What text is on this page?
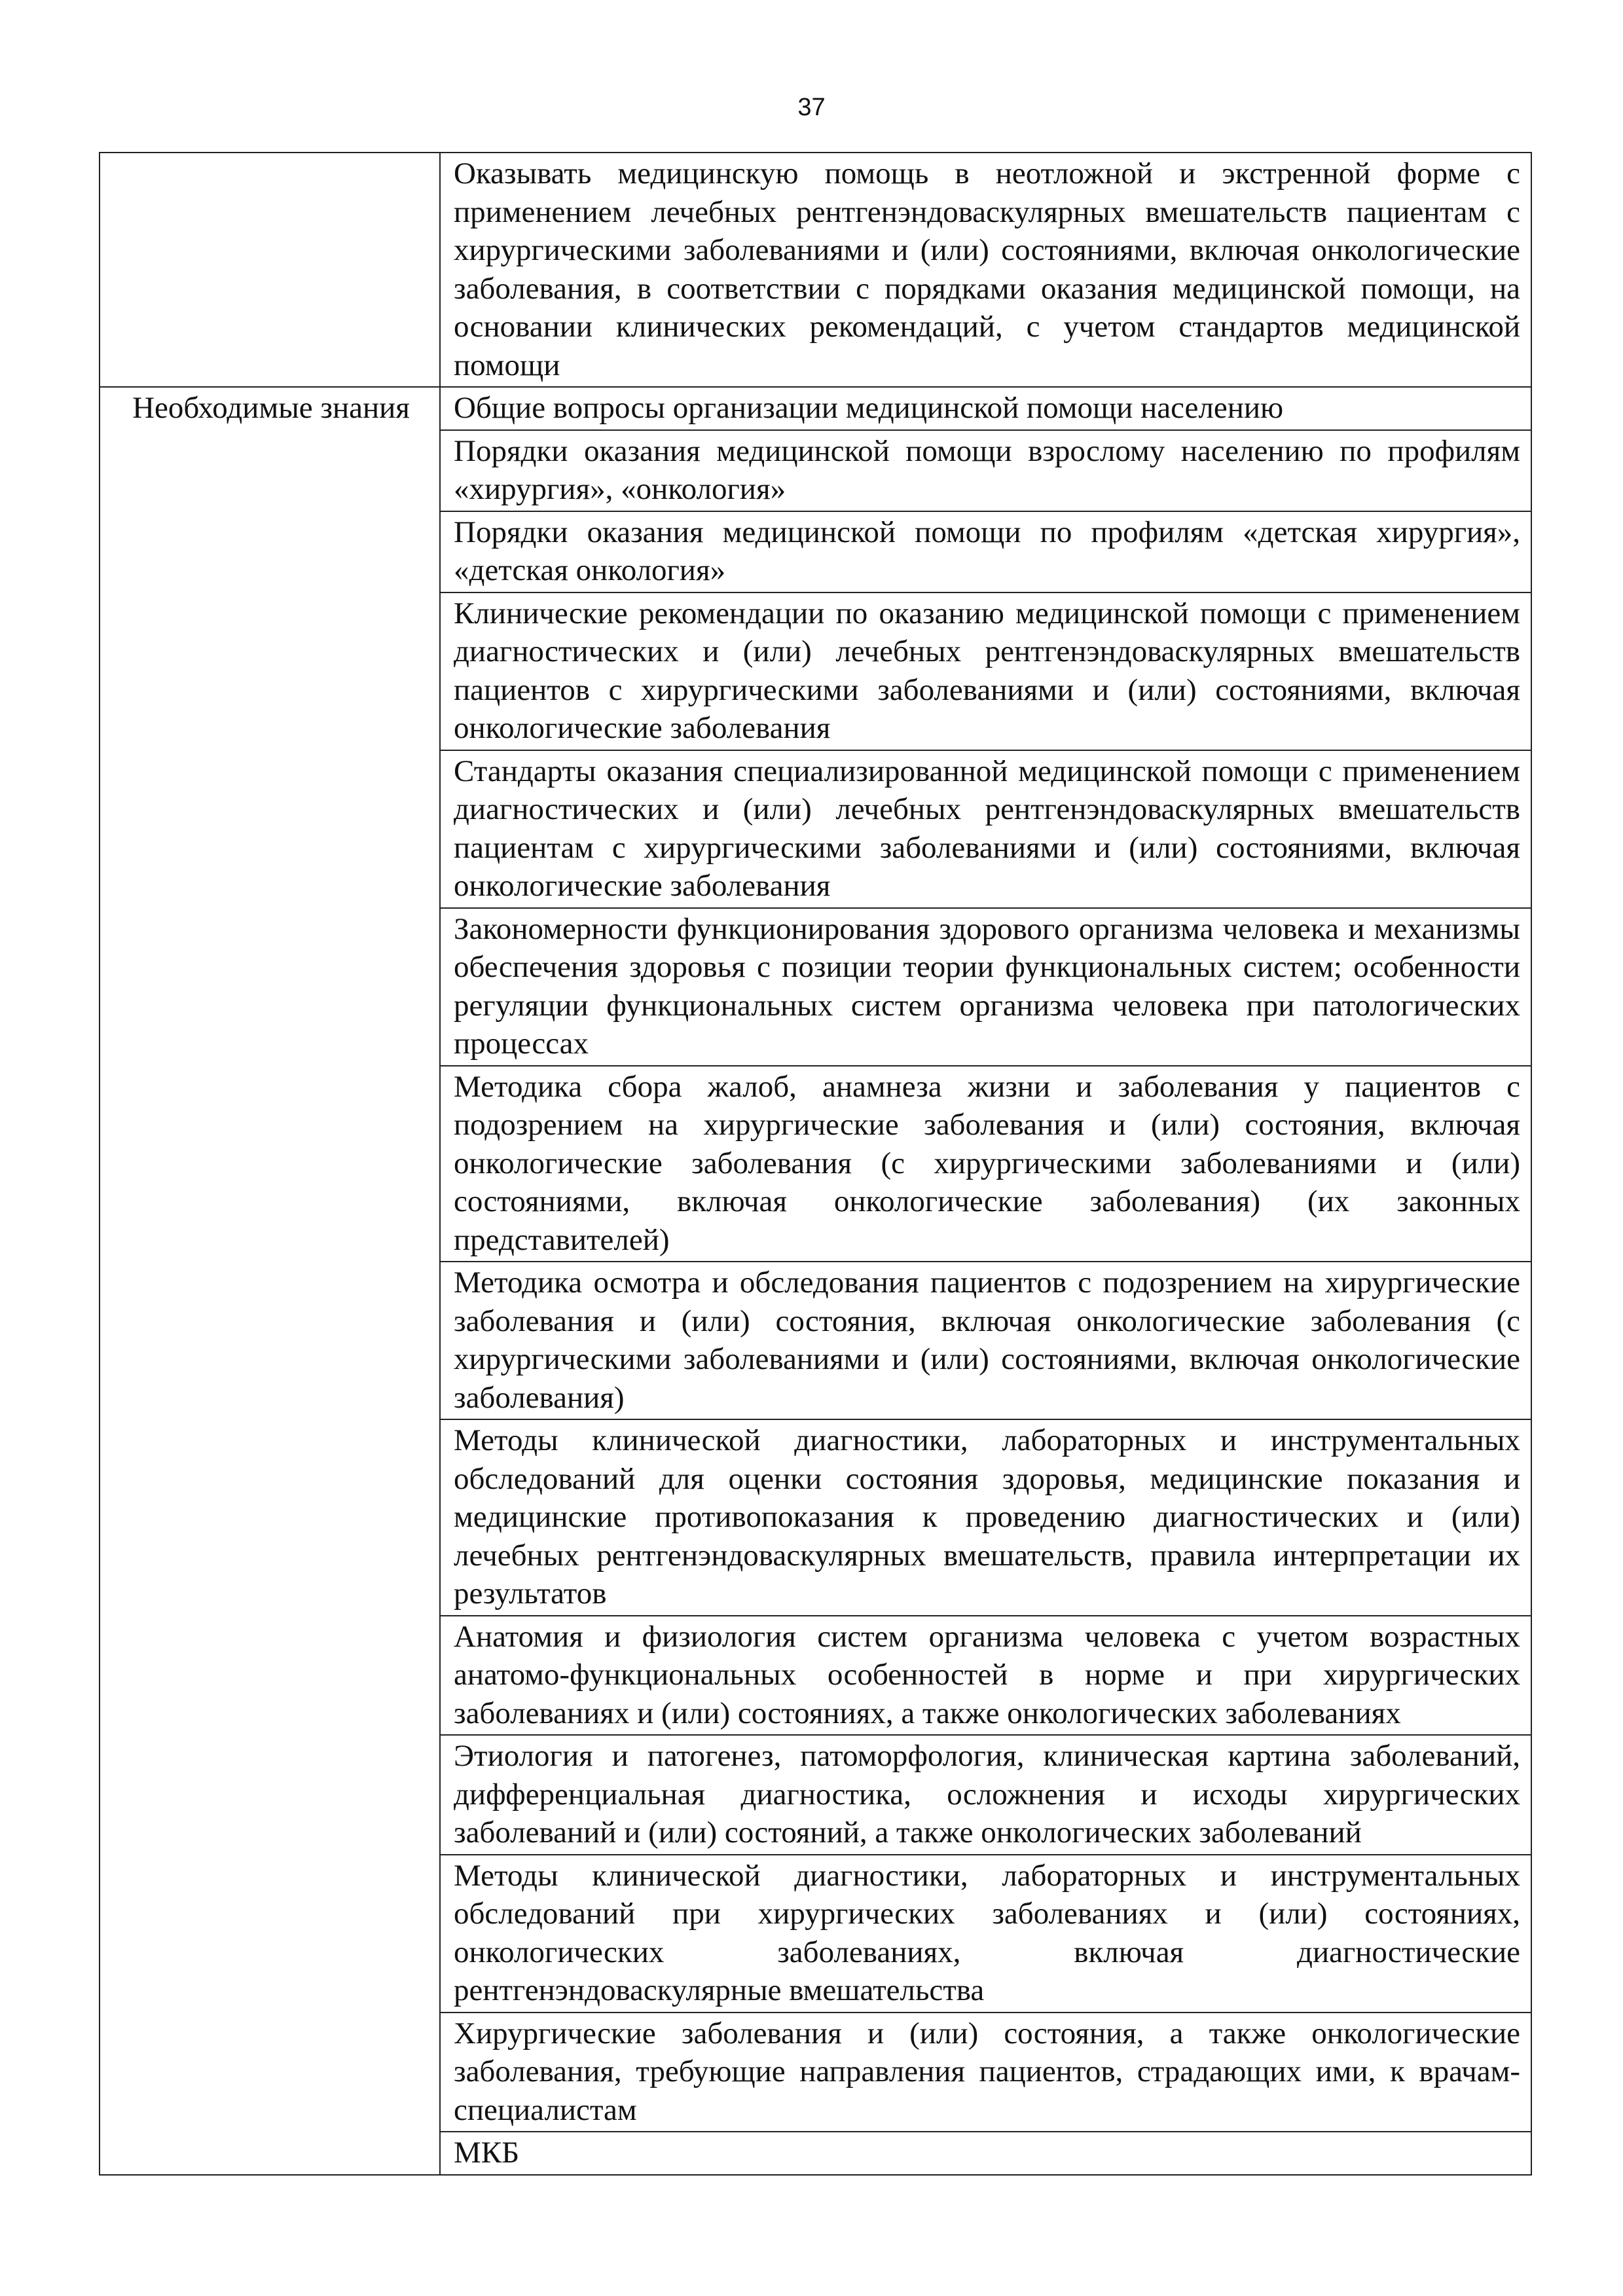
37
	Оказывать медицинскую помощь в неотложной и экстренной форме с применением лечебных рентгенэндоваскулярных вмешательств пациентам с хирургическими заболеваниями и (или) состояниями, включая онкологические заболевания, в соответствии с порядками оказания медицинской помощи, на основании клинических рекомендаций, с учетом стандартов медицинской помощи
Необходимые знания	Общие вопросы организации медицинской помощи населению
	Порядки оказания медицинской помощи взрослому населению по профилям «хирургия», «онкология»
	Порядки оказания медицинской помощи по профилям «детская хирургия», «детская онкология»
	Клинические рекомендации по оказанию медицинской помощи с применением диагностических и (или) лечебных рентгенэндоваскулярных вмешательств пациентов с хирургическими заболеваниями и (или) состояниями, включая онкологические заболевания
	Стандарты оказания специализированной медицинской помощи с применением диагностических и (или) лечебных рентгенэндоваскулярных вмешательств пациентам с хирургическими заболеваниями и (или) состояниями, включая онкологические заболевания
	Закономерности функционирования здорового организма человека и механизмы обеспечения здоровья с позиции теории функциональных систем; особенности регуляции функциональных систем организма человека при патологических процессах
	Методика сбора жалоб, анамнеза жизни и заболевания у пациентов с подозрением на хирургические заболевания и (или) состояния, включая онкологические заболевания (с хирургическими заболеваниями и (или) состояниями, включая онкологические заболевания) (их законных представителей)
	Методика осмотра и обследования пациентов с подозрением на хирургические заболевания и (или) состояния, включая онкологические заболевания (с хирургическими заболеваниями и (или) состояниями, включая онкологические заболевания)
	Методы клинической диагностики, лабораторных и инструментальных обследований для оценки состояния здоровья, медицинские показания и медицинские противопоказания к проведению диагностических и (или) лечебных рентгенэндоваскулярных вмешательств, правила интерпретации их результатов
	Анатомия и физиология систем организма человека с учетом возрастных анатомо-функциональных особенностей в норме и при хирургических заболеваниях и (или) состояниях, а также онкологических заболеваниях
	Этиология и патогенез, патоморфология, клиническая картина заболеваний, дифференциальная диагностика, осложнения и исходы хирургических заболеваний и (или) состояний, а также онкологических заболеваний
	Методы клинической диагностики, лабораторных и инструментальных обследований при хирургических заболеваниях и (или) состояниях, онкологических заболеваниях, включая диагностические рентгенэндоваскулярные вмешательства
	Хирургические заболевания и (или) состояния, а также онкологические заболевания, требующие направления пациентов, страдающих ими, к врачам-специалистам
	МКБ
